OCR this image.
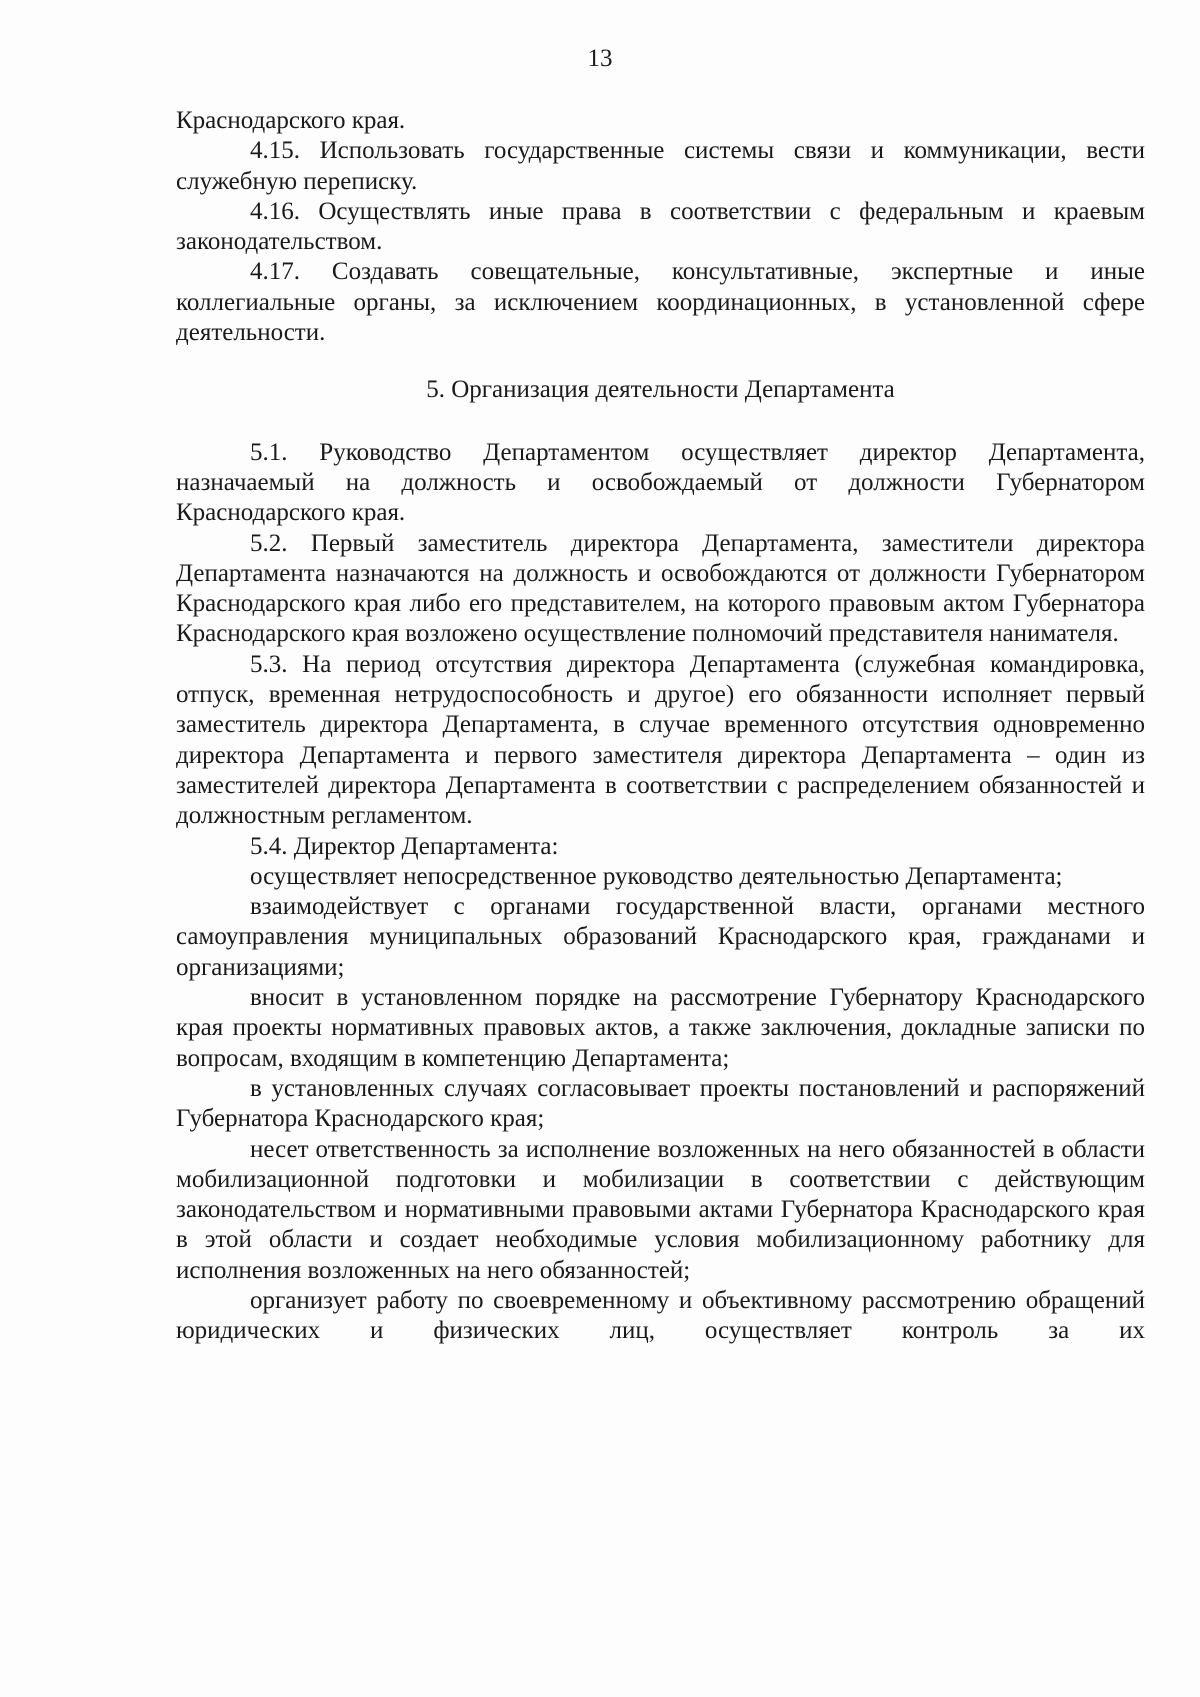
13

Краснодарского края.

4.15. Использовать государственные системы связи и коммуникации, вести служебную переписку.

4.16. Осуществлять иные права в соответствии с федеральным и краевым законодательством.

4.17. Создавать совещательные, консультативные, экспертные и иные коллегиальные органы, за исключением координационных, в установленной сфере деятельности.

5. Организация деятельности Департамента

5.1. Руководство Департаментом осуществляет директор Департамента, назначаемый на должность и освобождаемый от должности Губернатором Краснодарского края.

5.2. Первый заместитель директора Департамента, заместители директора Департамента назначаются на должность и освобождаются от должности Губернатором Краснодарского края либо его представителем, на которого правовым актом Губернатора Краснодарского края возложено осуществление полномочий представителя нанимателя.

5.3. На период отсутствия директора Департамента (служебная командировка, отпуск, временная нетрудоспособность и другое) его обязанности исполняет первый заместитель директора Департамента, в случае временного отсутствия одновременно директора Департамента и первого заместителя директора Департамента – один из заместителей директора Департамента в соответствии с распределением обязанностей и должностным регламентом.

5.4. Директор Департамента:

осуществляет непосредственное руководство деятельностью Департамента;

взаимодействует с органами государственной власти, органами местного самоуправления муниципальных образований Краснодарского края, гражданами и организациями;

вносит в установленном порядке на рассмотрение Губернатору Краснодарского края проекты нормативных правовых актов, а также заключения, докладные записки по вопросам, входящим в компетенцию Департамента;

в установленных случаях согласовывает проекты постановлений и распоряжений Губернатора Краснодарского края;

несет ответственность за исполнение возложенных на него обязанностей в области мобилизационной подготовки и мобилизации в соответствии с действующим законодательством и нормативными правовыми актами Губернатора Краснодарского края в этой области и создает необходимые условия мобилизационному работнику для исполнения возложенных на него обязанностей;

организует работу по своевременному и объективному рассмотрению обращений юридических и физических лиц, осуществляет контроль за их
